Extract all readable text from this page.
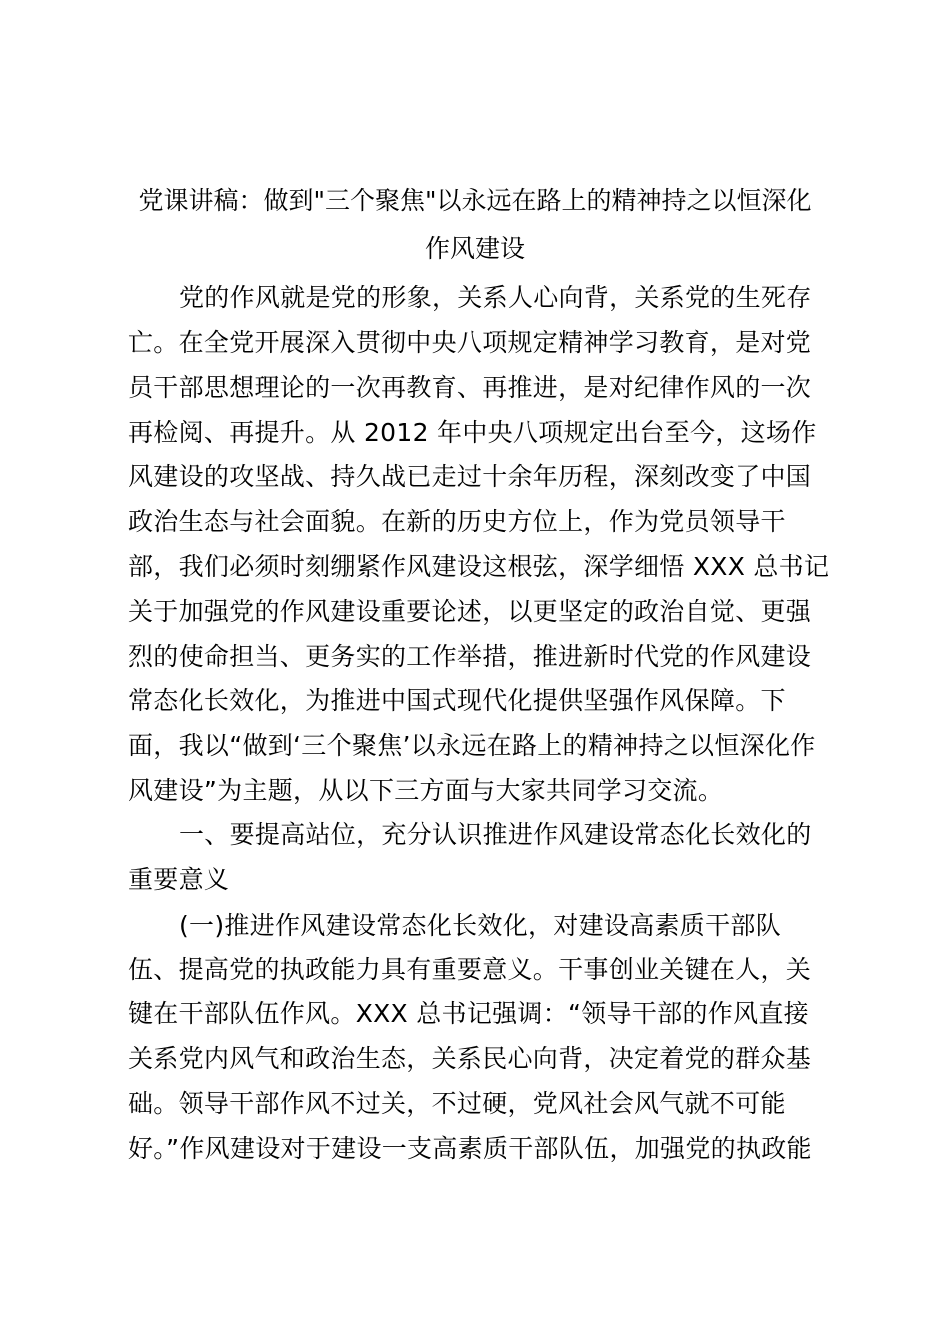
党课讲稿：做到"三个聚焦"以永远在路上的精神持之以恒深化
作风建设
党的作风就是党的形象，关系人心向背，关系党的生死存
亡。在全党开展深入贯彻中央八项规定精神学习教育，是对党
员干部思想理论的一次再教育、再推进，是对纪律作风的一次
再检阅、再提升。从 2012 年中央八项规定出台至今，这场作
风建设的攻坚战、持久战已走过十余年历程，深刻改变了中国
政治生态与社会面貌。在新的历史方位上，作为党员领导干
部，我们必须时刻绷紧作风建设这根弦，深学细悟 XXX 总书记
关于加强党的作风建设重要论述，以更坚定的政治自觉、更强
烈的使命担当、更务实的工作举措，推进新时代党的作风建设
常态化长效化，为推进中国式现代化提供坚强作风保障。下
面，我以“做到‘三个聚焦’以永远在路上的精神持之以恒深化作
风建设”为主题，从以下三方面与大家共同学习交流。
一、要提高站位，充分认识推进作风建设常态化长效化的
重要意义
(一)推进作风建设常态化长效化，对建设高素质干部队
伍、提高党的执政能力具有重要意义。干事创业关键在人，关
键在干部队伍作风。XXX 总书记强调：“领导干部的作风直接
关系党内风气和政治生态，关系民心向背，决定着党的群众基
础。领导干部作风不过关，不过硬，党风社会风气就不可能
好。”作风建设对于建设一支高素质干部队伍，加强党的执政能
